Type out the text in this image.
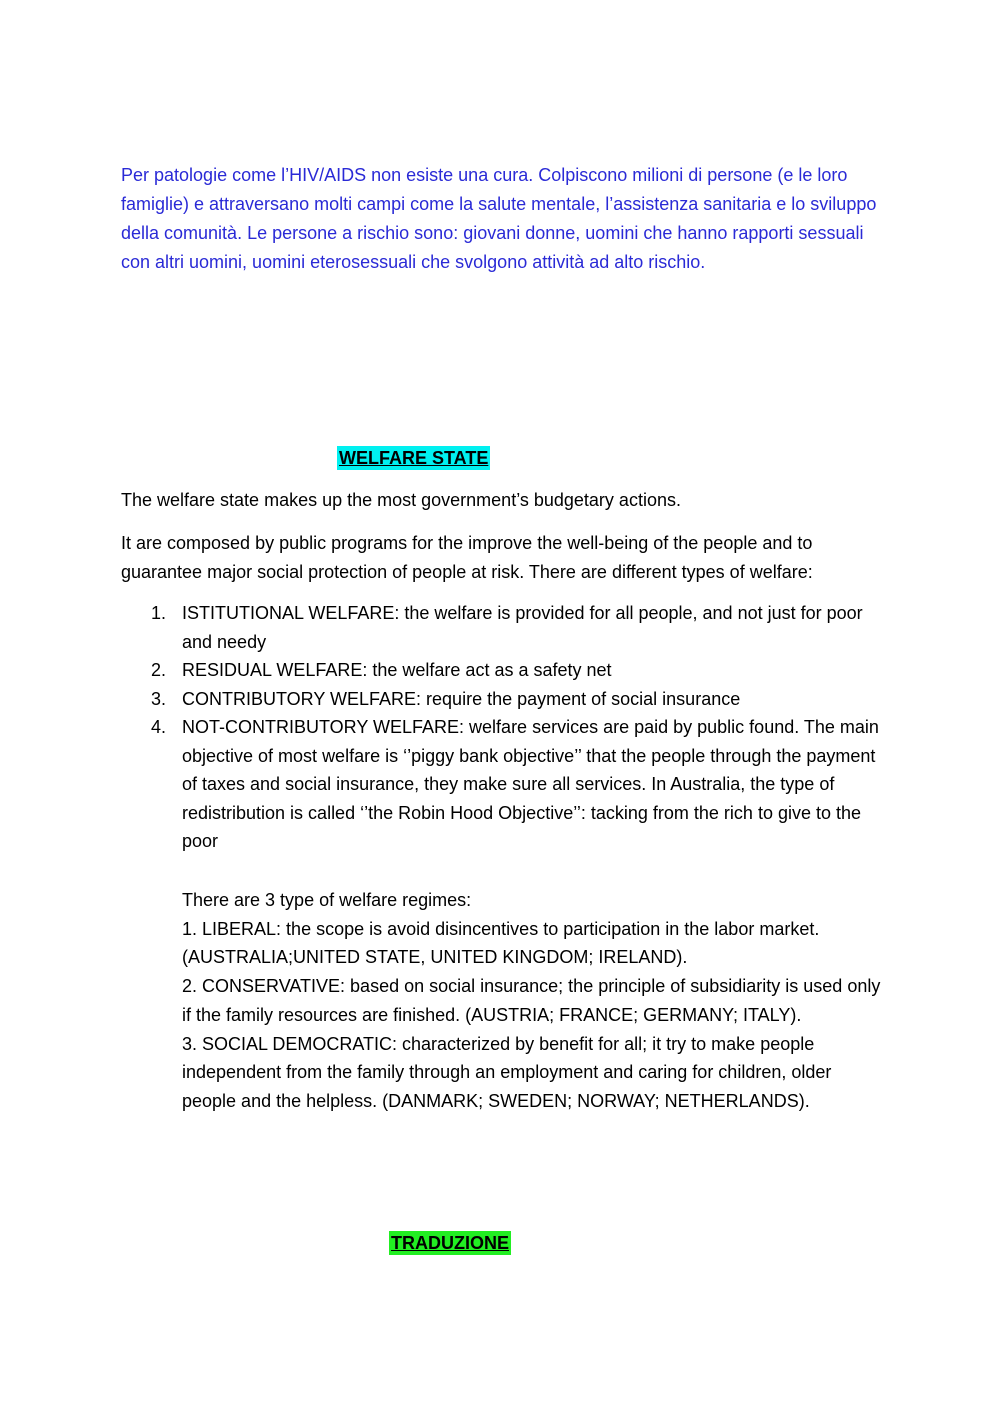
Per patologie come l’HIV/AIDS non esiste una cura. Colpiscono milioni di persone (e le loro famiglie) e attraversano molti campi come la salute mentale, l’assistenza sanitaria e lo sviluppo della comunità. Le persone a rischio sono: giovani donne, uomini che hanno rapporti sessuali con altri uomini, uomini eterosessuali che svolgono attività ad alto rischio.

WELFARE STATE

The welfare state makes up the most government’s budgetary actions.

It are composed by public programs for the improve the well-being of the people and to guarantee major social protection of people at risk. There are different types of welfare:

1. ISTITUTIONAL WELFARE: the welfare is provided for all people, and not just for poor and needy
2. RESIDUAL WELFARE: the welfare act as a safety net
3. CONTRIBUTORY WELFARE: require the payment of social insurance
4. NOT-CONTRIBUTORY WELFARE: welfare services are paid by public found. The main objective of most welfare is ‘’piggy bank objective’’ that the people through the payment of taxes and social insurance, they make sure all services. In Australia, the type of redistribution is called ‘’the Robin Hood Objective’’: tacking from the rich to give to the poor

There are 3 type of welfare regimes:

1. LIBERAL: the scope is avoid disincentives to participation in the labor market. (AUSTRALIA;UNITED STATE, UNITED KINGDOM; IRELAND).

2. CONSERVATIVE: based on social insurance; the principle of subsidiarity is used only if the family resources are finished. (AUSTRIA; FRANCE; GERMANY; ITALY).

3. SOCIAL DEMOCRATIC: characterized by benefit for all; it try to make people independent from the family through an employment and caring for children, older people and the helpless. (DANMARK; SWEDEN; NORWAY; NETHERLANDS).

TRADUZIONE
